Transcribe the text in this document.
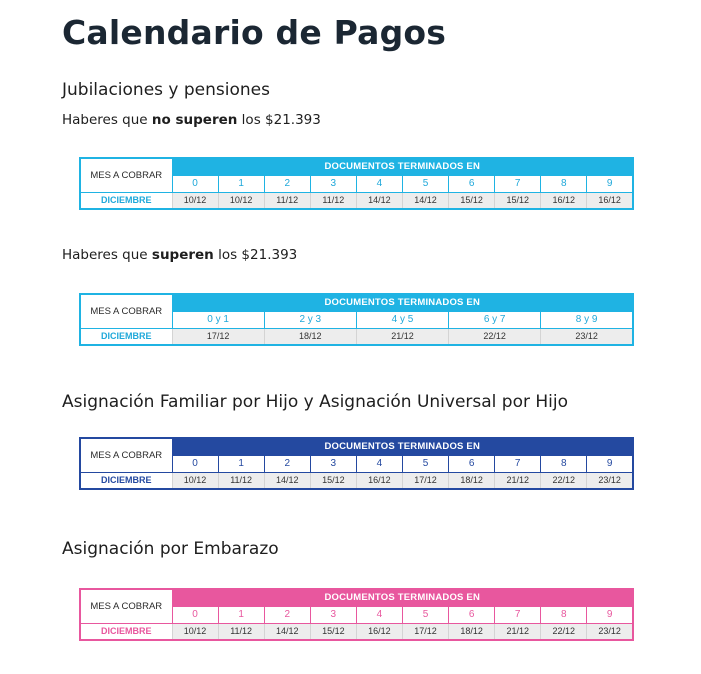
Calendario de Pagos
Jubilaciones y pensiones

Haberes que no superen los $21.393

MES A COBRAR	DOCUMENTOS TERMINADOS EN									
	0	1	2	3	4	5	6	7	8	9
DICIEMBRE	10/12	10/12	11/12	11/12	14/12	14/12	15/12	15/12	16/12	16/12

Haberes que superen los $21.393

MES A COBRAR	DOCUMENTOS TERMINADOS EN				
	0 y 1	2 y 3	4 y 5	6 y 7	8 y 9
DICIEMBRE	17/12	18/12	21/12	22/12	23/12
Asignación Familiar por Hijo y Asignación Universal por Hijo
MES A COBRAR	DOCUMENTOS TERMINADOS EN									
	0	1	2	3	4	5	6	7	8	9
DICIEMBRE	10/12	11/12	14/12	15/12	16/12	17/12	18/12	21/12	22/12	23/12
Asignación por Embarazo
MES A COBRAR	DOCUMENTOS TERMINADOS EN									
	0	1	2	3	4	5	6	7	8	9
DICIEMBRE	10/12	11/12	14/12	15/12	16/12	17/12	18/12	21/12	22/12	23/12
